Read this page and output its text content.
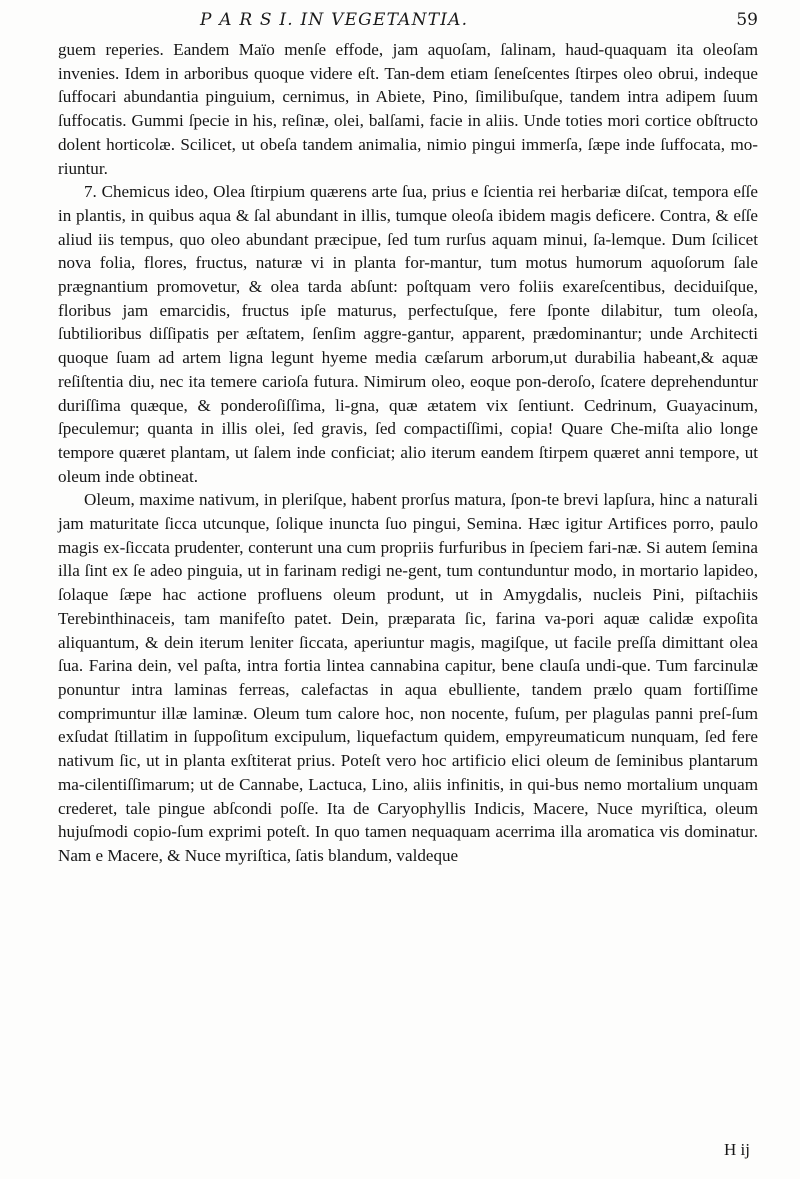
P A R S I. IN VEGETANTIA.	59

guem reperies. Eandem Maïo menſe effode, jam aquoſam, ſalinam, haud-quaquam ita oleoſam invenies. Idem in arboribus quoque videre eſt. Tan-dem etiam ſeneſcentes ſtirpes oleo obrui, indeque ſuffocari abundantia pinguium, cernimus, in Abiete, Pino, ſimilibuſque, tandem intra adipem ſuum ſuffocatis. Gummi ſpecie in his, reſinæ, olei, balſami, facie in aliis. Unde toties mori cortice obſtructo dolent horticolæ. Scilicet, ut obeſa tandem animalia, nimio pingui immerſa, ſæpe inde ſuffocata, mo-riuntur.

7. Chemicus ideo, Olea ſtirpium quærens arte ſua, prius e ſcientia rei herbariæ diſcat, tempora eſſe in plantis, in quibus aqua & ſal abundant in illis, tumque oleoſa ibidem magis deficere. Contra, & eſſe aliud iis tempus, quo oleo abundant præcipue, ſed tum rurſus aquam minui, ſa-lemque. Dum ſcilicet nova folia, flores, fructus, naturæ vi in planta for-mantur, tum motus humorum aquoſorum ſale prægnantium promovetur, & olea tarda abſunt: poſtquam vero foliis exareſcentibus, deciduiſque, floribus jam emarcidis, fructus ipſe maturus, perfectuſque, fere ſponte dilabitur, tum oleoſa, ſubtilioribus diſſipatis per æſtatem, ſenſim aggre-gantur, apparent, prædominantur; unde Architecti quoque ſuam ad artem ligna legunt hyeme media cæſarum arborum,ut durabilia habeant,& aquæ reſiſtentia diu, nec ita temere carioſa futura. Nimirum oleo, eoque pon-deroſo, ſcatere deprehenduntur duriſſima quæque, & ponderoſiſſima, li-gna, quæ ætatem vix ſentiunt. Cedrinum, Guayacinum, ſpeculemur; quanta in illis olei, ſed gravis, ſed compactiſſimi, copia! Quare Che-miſta alio longe tempore quæret plantam, ut ſalem inde conficiat; alio iterum eandem ſtirpem quæret anni tempore, ut oleum inde obtineat.

Oleum, maxime nativum, in pleriſque, habent prorſus matura, ſpon-te brevi lapſura, hinc a naturali jam maturitate ſicca utcunque, ſolique inuncta ſuo pingui, Semina. Hæc igitur Artifices porro, paulo magis ex-ſiccata prudenter, conterunt una cum propriis furfuribus in ſpeciem fari-næ. Si autem ſemina illa ſint ex ſe adeo pinguia, ut in farinam redigi ne-gent, tum contunduntur modo, in mortario lapideo, ſolaque ſæpe hac actione profluens oleum produnt, ut in Amygdalis, nucleis Pini, piſtachiis Terebinthinaceis, tam manifeſto patet. Dein, præparata ſic, farina va-pori aquæ calidæ expoſita aliquantum, & dein iterum leniter ſiccata, aperiuntur magis, magiſque, ut facile preſſa dimittant olea ſua. Farina dein, vel paſta, intra fortia lintea cannabina capitur, bene clauſa undi-que. Tum farcinulæ ponuntur intra laminas ferreas, calefactas in aqua ebulliente, tandem prælo quam fortiſſime comprimuntur illæ laminæ. Oleum tum calore hoc, non nocente, fuſum, per plagulas panni preſ-ſum exſudat ſtillatim in ſuppoſitum excipulum, liquefactum quidem, empyreumaticum nunquam, ſed fere nativum ſic, ut in planta exſtiterat prius. Poteſt vero hoc artificio elici oleum de ſeminibus plantarum ma-cilentiſſimarum; ut de Cannabe, Lactuca, Lino, aliis infinitis, in qui-bus nemo mortalium unquam crederet, tale pingue abſcondi poſſe. Ita de Caryophyllis Indicis, Macere, Nuce myriſtica, oleum hujuſmodi copio-ſum exprimi poteſt. In quo tamen nequaquam acerrima illa aromatica vis dominatur. Nam e Macere, & Nuce myriſtica, ſatis blandum, valdeque

H ij
